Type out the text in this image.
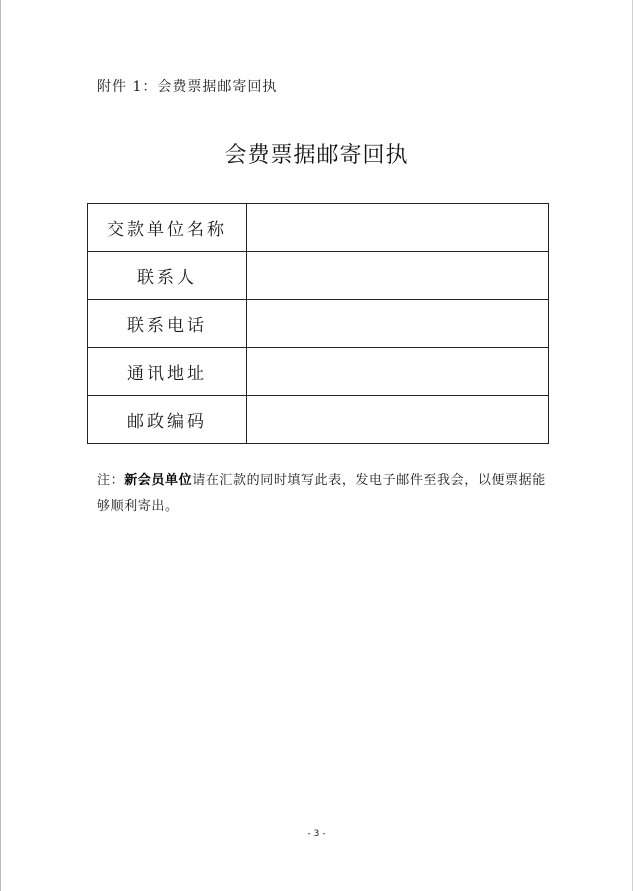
附件 1：会费票据邮寄回执
会费票据邮寄回执
交款单位名称	
联系人	
联系电话	
通讯地址	
邮政编码	
注：新会员单位请在汇款的同时填写此表，发电子邮件至我会，以便票据能够顺利寄出。
- 3 -
